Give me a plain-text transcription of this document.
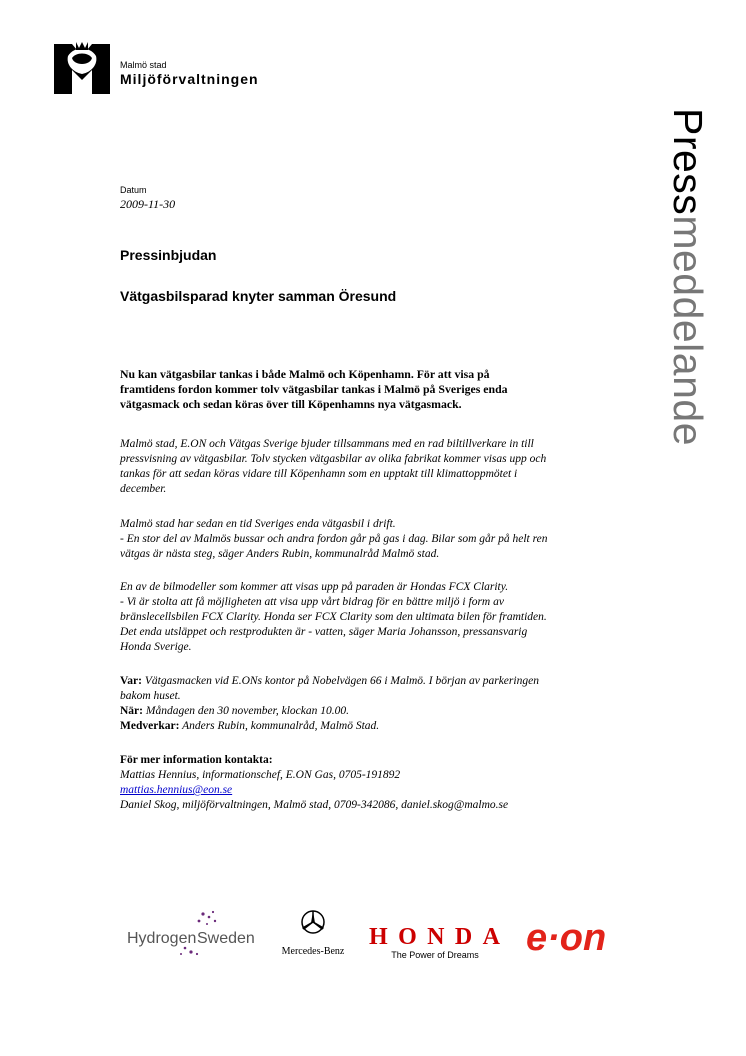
Malmö stad
Miljöförvaltningen
Pressmeddelande
Datum
2009-11-30
Pressinbjudan
Vätgasbilsparad knyter samman Öresund
Nu kan vätgasbilar tankas i både Malmö och Köpenhamn. För att visa på
framtidens fordon kommer tolv vätgasbilar tankas i Malmö på Sveriges enda
vätgasmack och sedan köras över till Köpenhamns nya vätgasmack.
Malmö stad, E.ON och Vätgas Sverige bjuder tillsammans med en rad biltillverkare in till
pressvisning av vätgasbilar. Tolv stycken vätgasbilar av olika fabrikat kommer visas upp och
tankas för att sedan köras vidare till Köpenhamn som en upptakt till klimattoppmötet i
december.
Malmö stad har sedan en tid Sveriges enda vätgasbil i drift.
- En stor del av Malmös bussar och andra fordon går på gas i dag. Bilar som går på helt ren
vätgas är nästa steg, säger Anders Rubin, kommunalråd Malmö stad.
En av de bilmodeller som kommer att visas upp på paraden är Hondas FCX Clarity.
- Vi är stolta att få möjligheten att visa upp vårt bidrag för en bättre miljö i form av
bränslecellsbilen FCX Clarity. Honda ser FCX Clarity som den ultimata bilen för framtiden.
Det enda utsläppet och restprodukten är - vatten, säger Maria Johansson, pressansvarig
Honda Sverige.
Var: Vätgasmacken vid E.ONs kontor på Nobelvägen 66 i Malmö. I början av parkeringen
bakom huset.
När: Måndagen den 30 november, klockan 10.00.
Medverkar: Anders Rubin, kommunalråd, Malmö Stad.
För mer information kontakta:
Mattias Hennius, informationschef, E.ON Gas, 0705-191892
mattias.hennius@eon.se
Daniel Skog, miljöförvaltningen, Malmö stad, 0709-342086, daniel.skog@malmo.se
Hydrogen Sweden
Mercedes-Benz
HONDA
The Power of Dreams e·on
